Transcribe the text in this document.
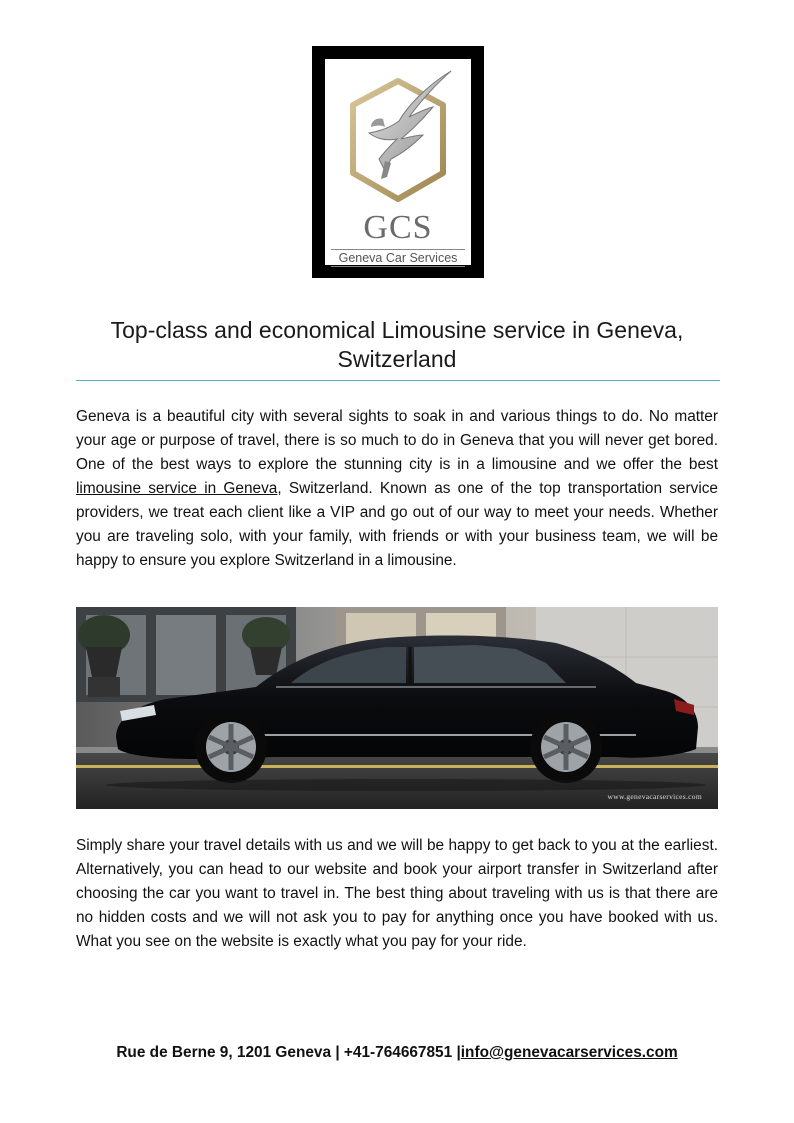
GCS
Geneva Car Services
Top-class and economical Limousine service in Geneva, Switzerland

Geneva is a beautiful city with several sights to soak in and various things to do. No matter your age or purpose of travel, there is so much to do in Geneva that you will never get bored. One of the best ways to explore the stunning city is in a limousine and we offer the best limousine service in Geneva, Switzerland. Known as one of the top transportation service providers, we treat each client like a VIP and go out of our way to meet your needs. Whether you are traveling solo, with your family, with friends or with your business team, we will be happy to ensure you explore Switzerland in a limousine.

www.genevacarservices.com

Simply share your travel details with us and we will be happy to get back to you at the earliest. Alternatively, you can head to our website and book your airport transfer in Switzerland after choosing the car you want to travel in. The best thing about traveling with us is that there are no hidden costs and we will not ask you to pay for anything once you have booked with us. What you see on the website is exactly what you pay for your ride.

Rue de Berne 9, 1201 Geneva | +41-764667851 |info@genevacarservices.com
